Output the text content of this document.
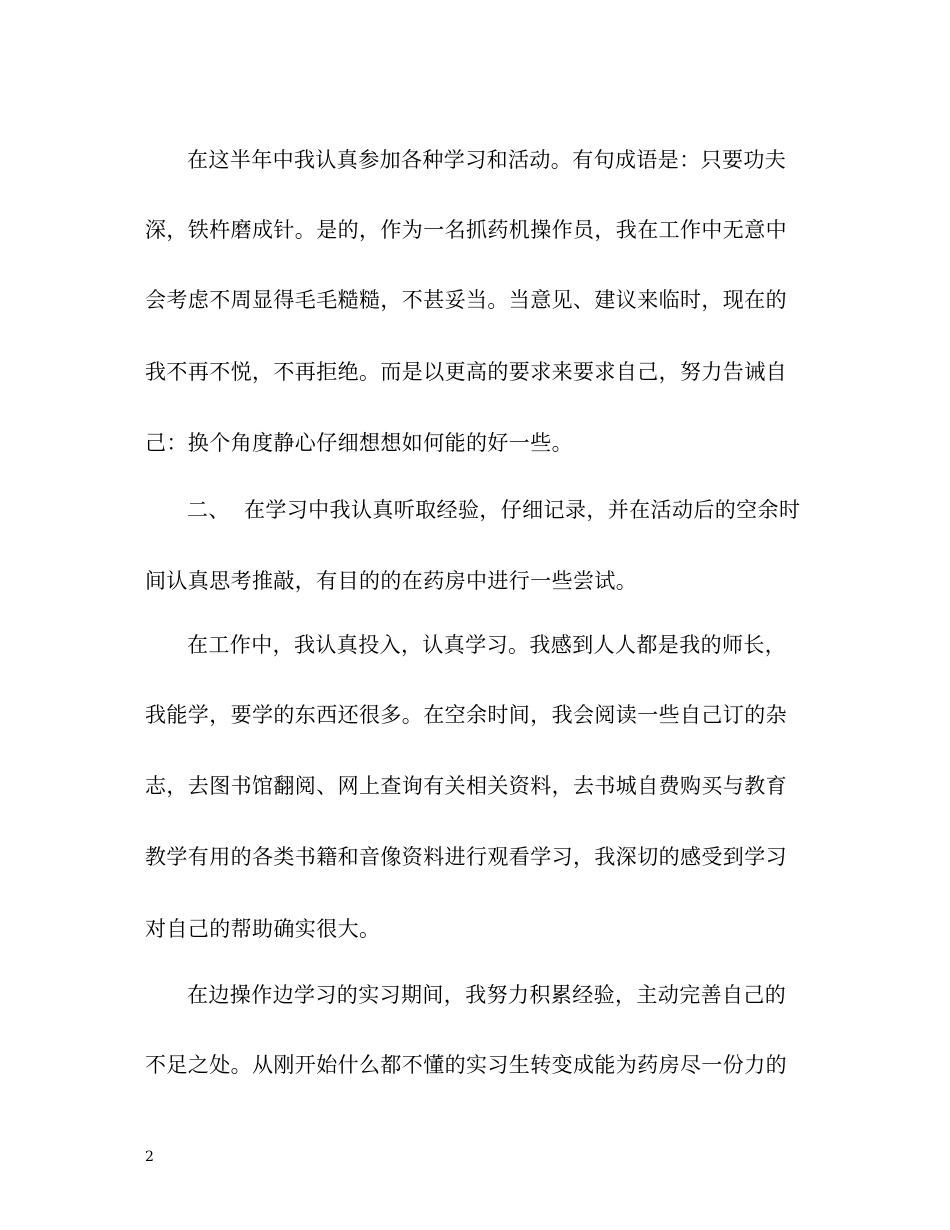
在这半年中我认真参加各种学习和活动。有句成语是：只要功夫
深，铁杵磨成针。是的，作为一名抓药机操作员，我在工作中无意中
会考虑不周显得毛毛糙糙，不甚妥当。当意见、建议来临时，现在的
我不再不悦，不再拒绝。而是以更高的要求来要求自己，努力告诫自
己：换个角度静心仔细想想如何能的好一些。
二、  在学习中我认真听取经验，仔细记录，并在活动后的空余时
间认真思考推敲，有目的的在药房中进行一些尝试。
在工作中，我认真投入，认真学习。我感到人人都是我的师长，
我能学，要学的东西还很多。在空余时间，我会阅读一些自己订的杂
志，去图书馆翻阅、网上查询有关相关资料，去书城自费购买与教育
教学有用的各类书籍和音像资料进行观看学习，我深切的感受到学习
对自己的帮助确实很大。
在边操作边学习的实习期间，我努力积累经验，主动完善自己的
不足之处。从刚开始什么都不懂的实习生转变成能为药房尽一份力的
2
